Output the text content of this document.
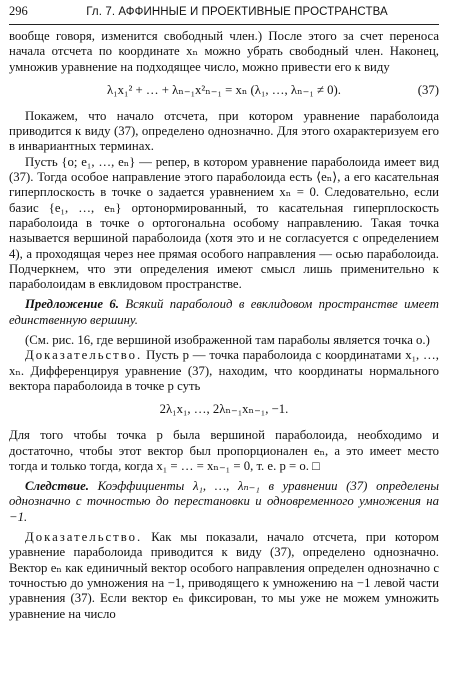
296	Гл. 7. АФФИННЫЕ И ПРОЕКТИВНЫЕ ПРОСТРАНСТВА

вообще говоря, изменится свободный член.) После этого за счет переноса начала отсчета по координате xₙ можно убрать свободный член. Наконец, умножив уравнение на подходящее число, можно привести его к виду

λ₁x₁² + … + λₙ₋₁x²ₙ₋₁ = xₙ (λ₁, …, λₙ₋₁ ≠ 0).	(37)

Покажем, что начало отсчета, при котором уравнение параболоида приводится к виду (37), определено однозначно. Для этого охарактеризуем его в инвариантных терминах.

Пусть {o; e₁, …, eₙ} — репер, в котором уравнение параболоида имеет вид (37). Тогда особое направление этого параболоида есть ⟨eₙ⟩, а его касательная гиперплоскость в точке o задается уравнением xₙ = 0. Следовательно, если базис {e₁, …, eₙ} ортонормированный, то касательная гиперплоскость параболоида в точке o ортогональна особому направлению. Такая точка называется вершиной параболоида (хотя это и не согласуется с определением 4), а проходящая через нее прямая особого направления — осью параболоида. Подчеркнем, что эти определения имеют смысл лишь применительно к параболоидам в евклидовом пространстве.

Предложение 6. Всякий параболоид в евклидовом пространстве имеет единственную вершину.

(См. рис. 16, где вершиной изображенной там параболы является точка o.)

Доказательство. Пусть p — точка параболоида с координатами x₁, …, xₙ. Дифференцируя уравнение (37), находим, что координаты нормального вектора параболоида в точке p суть

2λ₁x₁, …, 2λₙ₋₁xₙ₋₁, −1.

Для того чтобы точка p была вершиной параболоида, необходимо и достаточно, чтобы этот вектор был пропорционален eₙ, а это имеет место тогда и только тогда, когда x₁ = … = xₙ₋₁ = 0, т. е. p = o. □

Следствие. Коэффициенты λ₁, …, λₙ₋₁ в уравнении (37) определены однозначно с точностью до перестановки и одновременного умножения на −1.

Доказательство. Как мы показали, начало отсчета, при котором уравнение параболоида приводится к виду (37), определено однозначно. Вектор eₙ как единичный вектор особого направления определен однозначно с точностью до умножения на −1, приводящего к умножению на −1 левой части уравнения (37). Если вектор eₙ фиксирован, то мы уже не можем умножить уравнение на число
